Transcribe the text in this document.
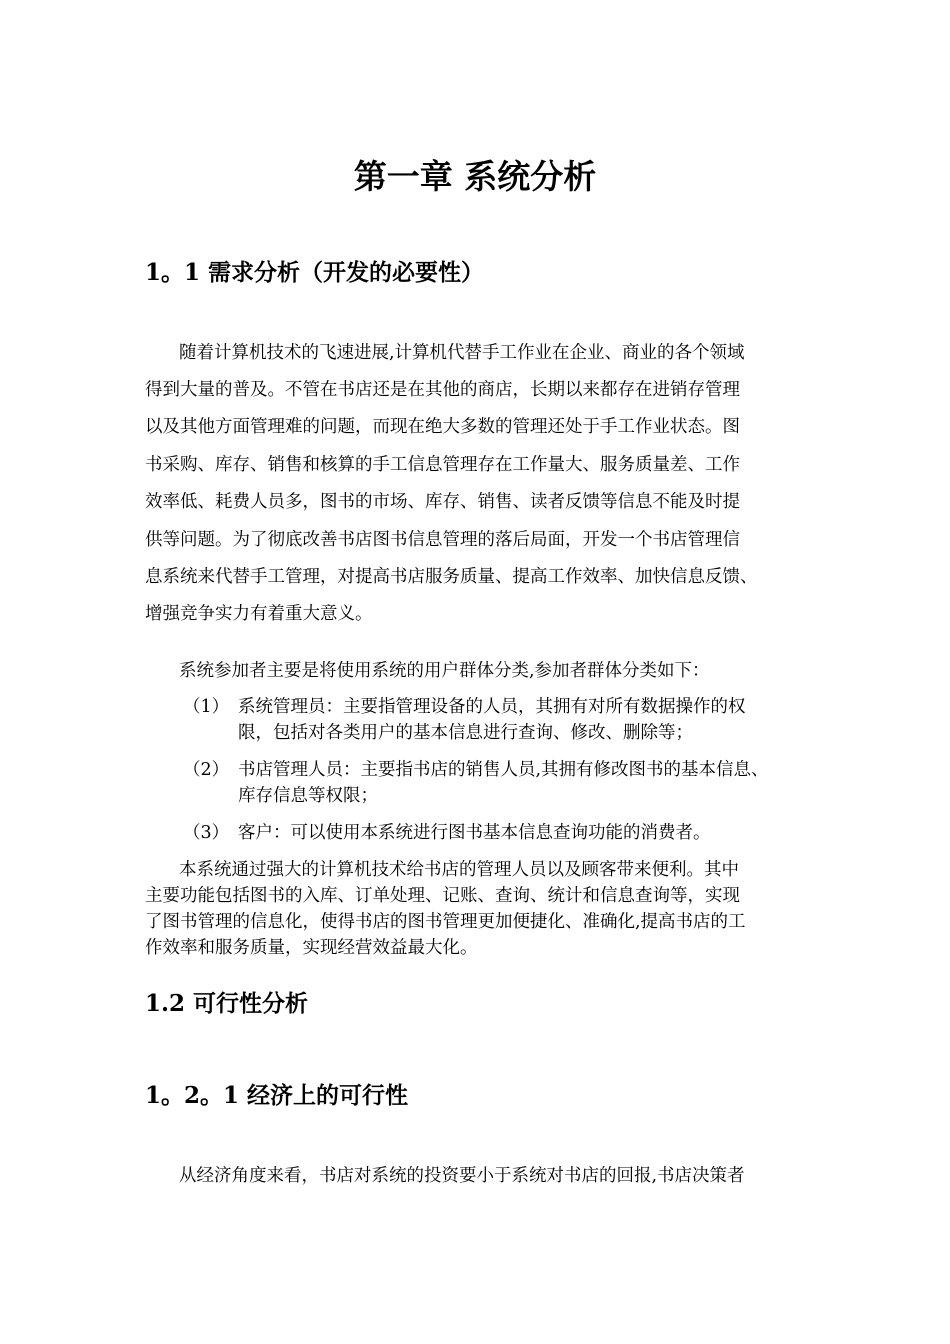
第一章 系统分析
1。1 需求分析（开发的必要性）
随着计算机技术的飞速进展,计算机代替手工作业在企业、商业的各个领域
得到大量的普及。不管在书店还是在其他的商店，长期以来都存在进销存管理
以及其他方面管理难的问题，而现在绝大多数的管理还处于手工作业状态。图
书采购、库存、销售和核算的手工信息管理存在工作量大、服务质量差、工作
效率低、耗费人员多，图书的市场、库存、销售、读者反馈等信息不能及时提
供等问题。为了彻底改善书店图书信息管理的落后局面，开发一个书店管理信
息系统来代替手工管理，对提高书店服务质量、提高工作效率、加快信息反馈、
增强竞争实力有着重大意义。
系统参加者主要是将使用系统的用户群体分类,参加者群体分类如下：
（1） 系统管理员：主要指管理设备的人员，其拥有对所有数据操作的权
限，包括对各类用户的基本信息进行查询、修改、删除等；
（2） 书店管理人员：主要指书店的销售人员,其拥有修改图书的基本信息、
库存信息等权限；
（3） 客户：可以使用本系统进行图书基本信息查询功能的消费者。
本系统通过强大的计算机技术给书店的管理人员以及顾客带来便利。其中
主要功能包括图书的入库、订单处理、记账、查询、统计和信息查询等，实现
了图书管理的信息化，使得书店的图书管理更加便捷化、准确化,提高书店的工
作效率和服务质量，实现经营效益最大化。
1.2 可行性分析
1。2。1 经济上的可行性
从经济角度来看，书店对系统的投资要小于系统对书店的回报,书店决策者
